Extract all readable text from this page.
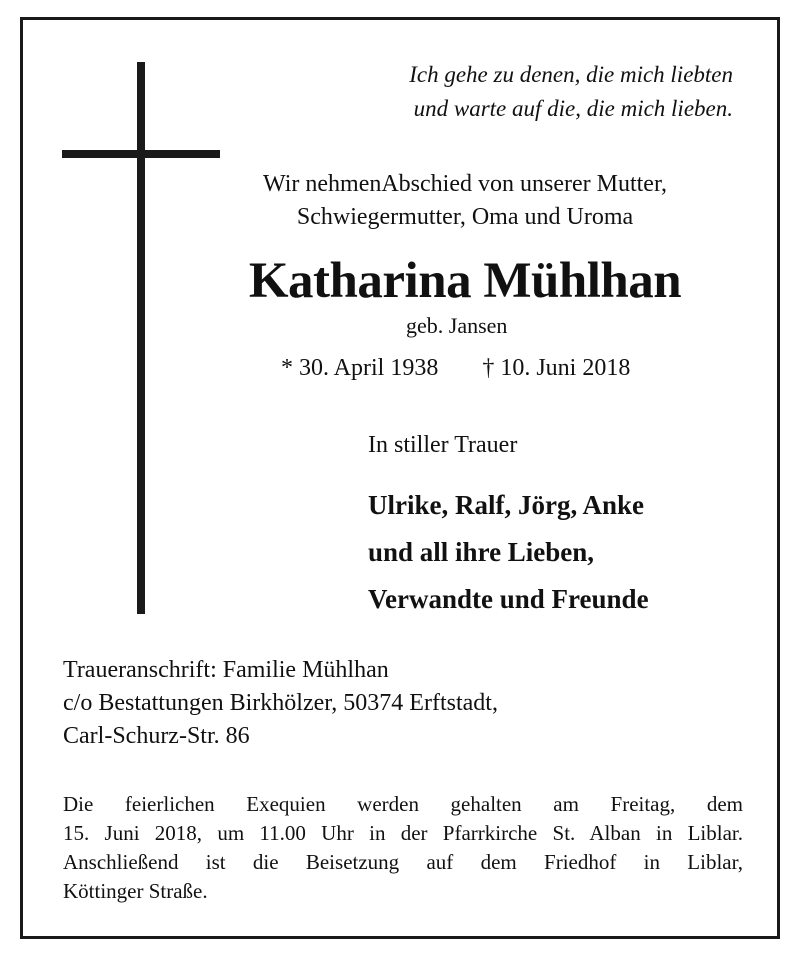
Ich gehe zu denen, die mich liebten
und warte auf die, die mich lieben.
Wir nehmenAbschied von unserer Mutter,
Schwiegermutter, Oma und Uroma
Katharina Mühlhan
geb. Jansen
* 30. April 1938 † 10. Juni 2018
In stiller Trauer
Ulrike, Ralf, Jörg, Anke
und all ihre Lieben,
Verwandte und Freunde
Traueranschrift: Familie Mühlhan
c/o Bestattungen Birkhölzer, 50374 Erftstadt,
Carl-Schurz-Str. 86
Die feierlichen Exequien werden gehalten am Freitag, dem
15. Juni 2018, um 11.00 Uhr in der Pfarrkirche St. Alban in Liblar.
Anschließend ist die Beisetzung auf dem Friedhof in Liblar,
Köttinger Straße.
